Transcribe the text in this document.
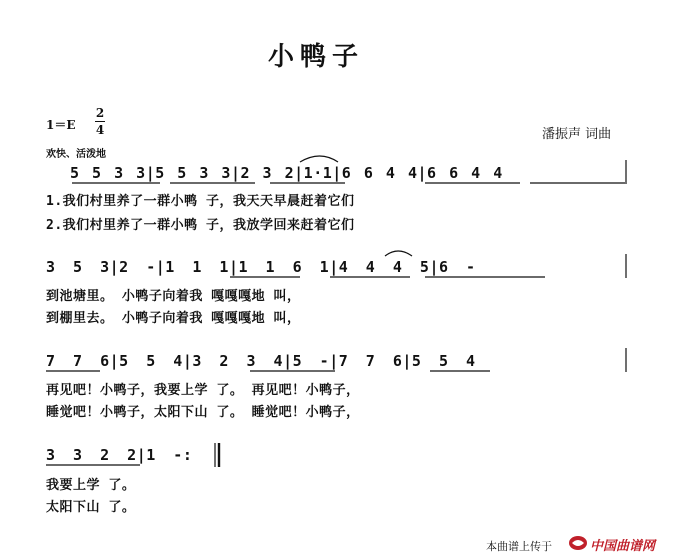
小鸭子
1＝E
2
4
欢快、活泼地
潘振声 词曲
5 5 3 3|5 5 3 3|2 3 2|1·1|6 6 4 4|6 6 4 4
1.我们村里养了一群小鸭 子，我天天早晨赶着它们
2.我们村里养了一群小鸭 子，我放学回来赶着它们
3 5 3|2 -|1 1 1|1 1 6 1|4 4 4 5|6 -
到池塘里。 小鸭子向着我 嘎嘎嘎地 叫，
到棚里去。 小鸭子向着我 嘎嘎嘎地 叫，
7 7 6|5 5 4|3 2 3 4|5 -|7 7 6|5 5 4
再见吧！小鸭子，我要上学 了。 再见吧！小鸭子，
睡觉吧！小鸭子，太阳下山 了。 睡觉吧！小鸭子，
3 3 2 2|1 -:
我要上学 了。
太阳下山 了。
本曲谱上传于	中国曲谱网
